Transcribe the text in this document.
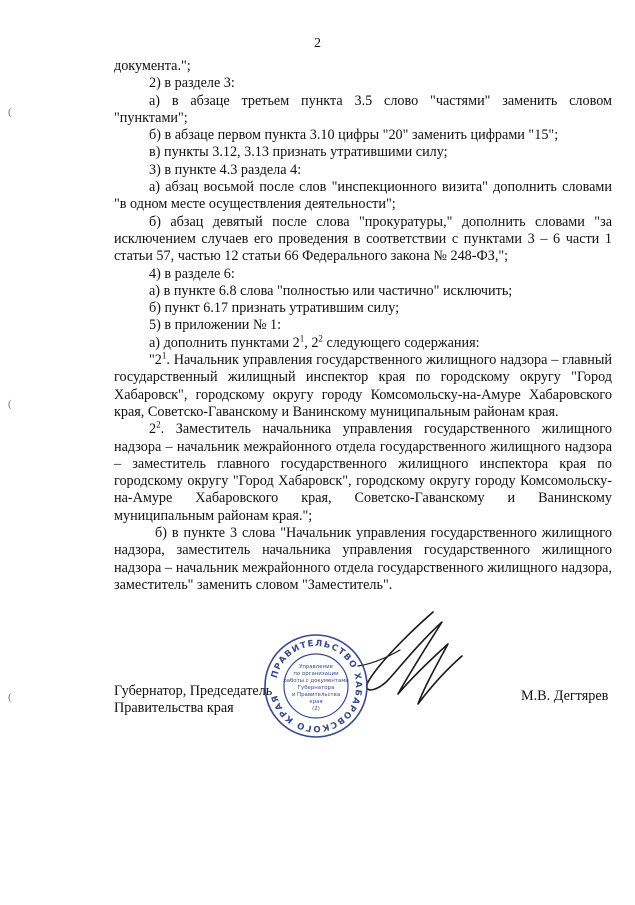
(
(
(
2

документа.";

2) в разделе 3:

а) в абзаце третьем пункта 3.5 слово "частями" заменить словом "пунктами";

б) в абзаце первом пункта 3.10 цифры "20" заменить цифрами "15";

в) пункты 3.12, 3.13 признать утратившими силу;

3) в пункте 4.3 раздела 4:

а) абзац восьмой после слов "инспекционного визита" дополнить словами "в одном месте осуществления деятельности";

б) абзац девятый после слова "прокуратуры," дополнить словами "за исключением случаев его проведения в соответствии с пунктами 3 – 6 части 1 статьи 57, частью 12 статьи 66 Федерального закона № 248-ФЗ,";

4) в разделе 6:

а) в пункте 6.8 слова "полностью или частично" исключить;

б) пункт 6.17 признать утратившим силу;

5) в приложении № 1:

а) дополнить пунктами $2^1$, $2^2$ следующего содержания:

"$2^1$. Начальник управления государственного жилищного надзора – главный государственный жилищный инспектор края по городскому округу "Город Хабаровск", городскому округу городу Комсомольску-на-Амуре Хабаровского края, Советско-Гаванскому и Ванинскому муниципальным районам края.

$2^2$. Заместитель начальника управления государственного жилищного надзора – начальник межрайонного отдела государственного жилищного надзора – заместитель главного государственного жилищного инспектора края по городскому округу "Город Хабаровск", городскому округу городу Комсомольску-на-Амуре Хабаровского края, Советско-Гаванскому и Ванинскому муниципальным районам края.";

б) в пункте 3 слова "Начальник управления государственного жилищного надзора, заместитель начальника управления государственного жилищного надзора – начальник межрайонного отдела государственного жилищного надзора, заместитель" заменить словом "Заместитель".

Губернатор, Председатель
Правительства края
ПРАВИТЕЛЬСТВО ХАБАРОВСКОГО КРАЯ
Управление
по организации
работы с документами
Губернатора
и Правительства
края
(2)
М.В. Дегтярев
